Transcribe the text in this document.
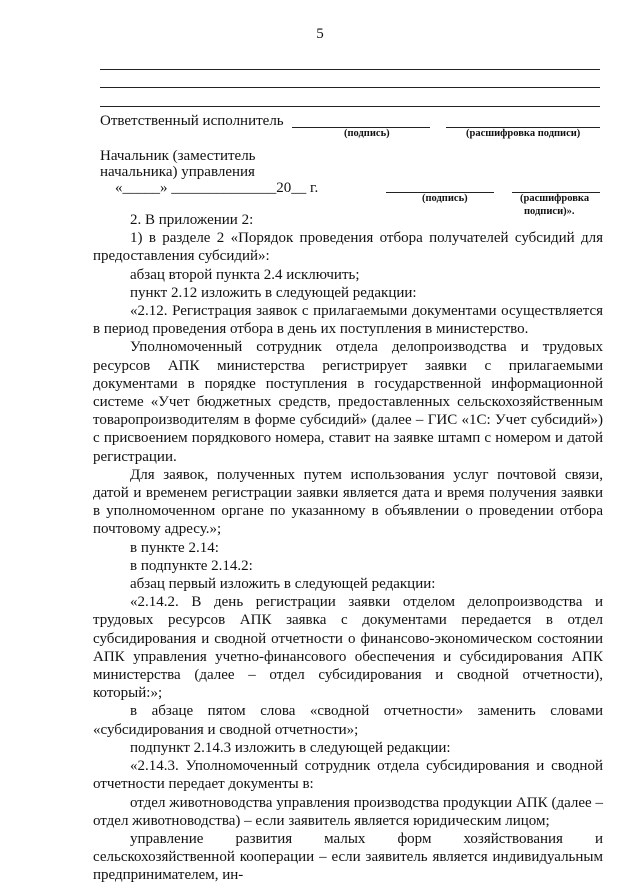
5
Ответственный исполнитель
(подпись)	(расшифровка подписи)
Начальник (заместитель
начальника) управления
«_____» ______________20__ г.
(подпись)	(расшифровка
подписи)».

2. В приложении 2:

1) в разделе 2 «Порядок проведения отбора получателей субсидий для предоставления субсидий»:

абзац второй пункта 2.4 исключить;

пункт 2.12 изложить в следующей редакции:

«2.12. Регистрация заявок с прилагаемыми документами осуществляется в период проведения отбора в день их поступления в министерство.

Уполномоченный сотрудник отдела делопроизводства и трудовых ресурсов АПК министерства регистрирует заявки с прилагаемыми документами в порядке поступления в государственной информационной системе «Учет бюджетных средств, предоставленных сельскохозяйственным товаропроизводителям в форме субсидий» (далее – ГИС «1С: Учет субсидий») с присвоением порядкового номера, ставит на заявке штамп с номером и датой регистрации.

Для заявок, полученных путем использования услуг почтовой связи, датой и временем регистрации заявки является дата и время получения заявки в уполномоченном органе по указанному в объявлении о проведении отбора почтовому адресу.»;

в пункте 2.14:

в подпункте 2.14.2:

абзац первый изложить в следующей редакции:

«2.14.2. В день регистрации заявки отделом делопроизводства и трудовых ресурсов АПК заявка с документами передается в отдел субсидирования и сводной отчетности о финансово-экономическом состоянии АПК управления учетно-финансового обеспечения и субсидирования АПК министерства (далее – отдел субсидирования и сводной отчетности), который:»;

в абзаце пятом слова «сводной отчетности» заменить словами «субсидирования и сводной отчетности»;

подпункт 2.14.3 изложить в следующей редакции:

«2.14.3. Уполномоченный сотрудник отдела субсидирования и сводной отчетности передает документы в:

отдел животноводства управления производства продукции АПК (далее – отдел животноводства) – если заявитель является юридическим лицом;

управление развития малых форм хозяйствования и сельскохозяйственной кооперации – если заявитель является индивидуальным предпринимателем, ин-
